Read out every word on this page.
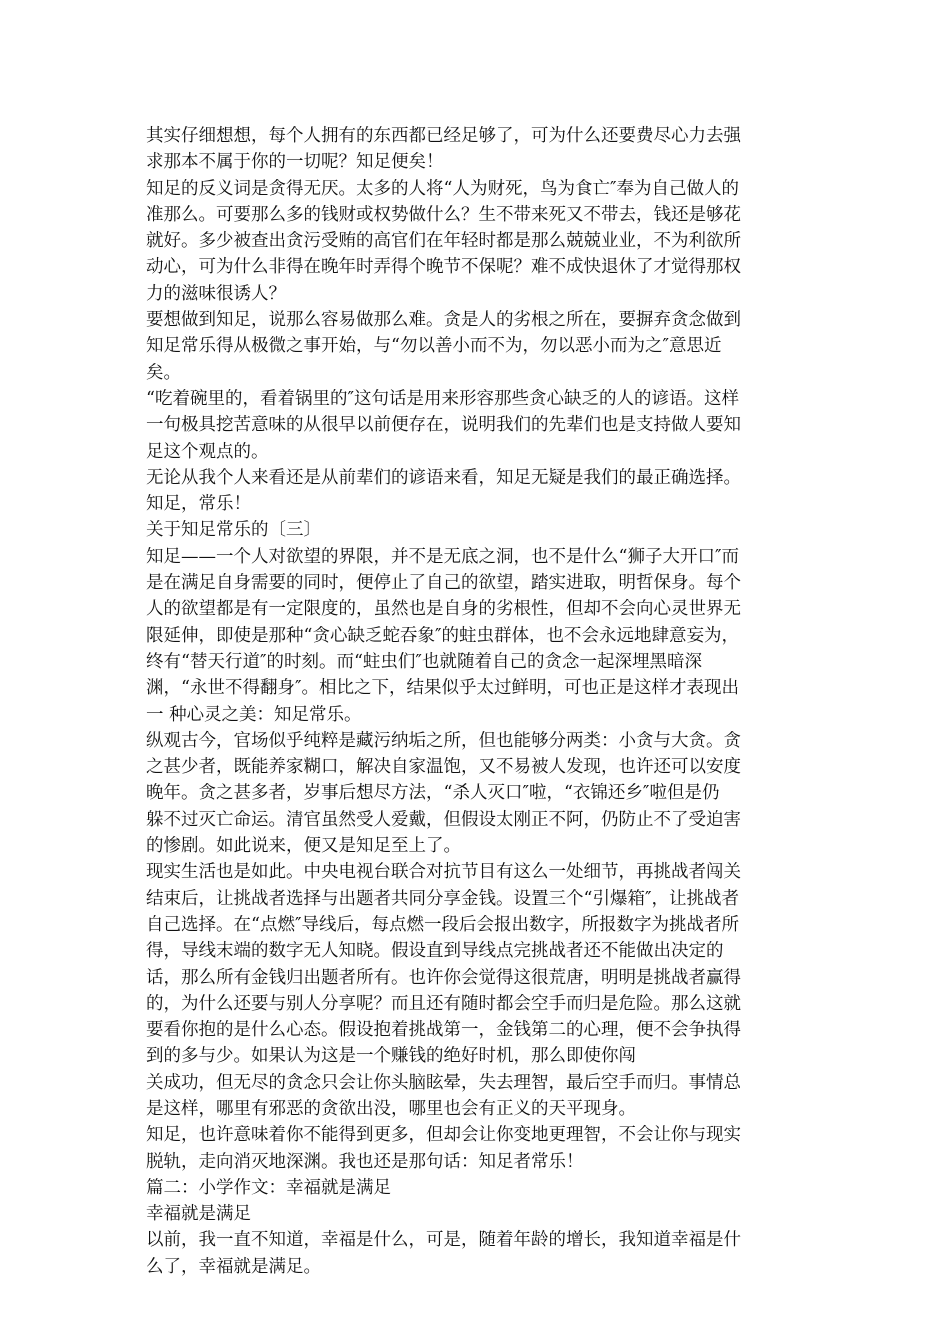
其实仔细想想，每个人拥有的东西都已经足够了，可为什么还要费尽心力去强
求那本不属于你的一切呢？知足便矣！
知足的反义词是贪得无厌。太多的人将“人为财死，鸟为食亡″奉为自己做人的
准那么。可要那么多的钱财或权势做什么？生不带来死又不带去，钱还是够花
就好。多少被查出贪污受贿的高官们在年轻时都是那么兢兢业业，不为利欲所
动心，可为什么非得在晚年时弄得个晚节不保呢？难不成快退休了才觉得那权
力的滋味很诱人？
要想做到知足，说那么容易做那么难。贪是人的劣根之所在，要摒弃贪念做到
知足常乐得从极微之事开始，与“勿以善小而不为，勿以恶小而为之″意思近
矣。
“吃着碗里的，看着锅里的″这句话是用来形容那些贪心缺乏的人的谚语。这样
一句极具挖苦意味的从很早以前便存在，说明我们的先辈们也是支持做人要知
足这个观点的。
无论从我个人来看还是从前辈们的谚语来看，知足无疑是我们的最正确选择。
知足，常乐！
关于知足常乐的〔三〕
知足——一个人对欲望的界限，并不是无底之洞，也不是什么“狮子大开口″而
是在满足自身需要的同时，便停止了自己的欲望，踏实进取，明哲保身。每个
人的欲望都是有一定限度的，虽然也是自身的劣根性，但却不会向心灵世界无
限延伸，即使是那种“贪心缺乏蛇吞象″的蛀虫群体，也不会永远地肆意妄为，
终有“替天行道″的时刻。而“蛀虫们″也就随着自己的贪念一起深埋黑暗深
渊，“永世不得翻身″。相比之下，结果似乎太过鲜明，可也正是这样才表现出
一 种心灵之美：知足常乐。
纵观古今，官场似乎纯粹是藏污纳垢之所，但也能够分两类：小贪与大贪。贪
之甚少者，既能养家糊口，解决自家温饱，又不易被人发现，也许还可以安度
晚年。贪之甚多者，岁事后想尽方法，“杀人灭口″啦，“衣锦还乡″啦但是仍
躲不过灭亡命运。清官虽然受人爱戴，但假设太刚正不阿，仍防止不了受迫害
的惨剧。如此说来，便又是知足至上了。
现实生活也是如此。中央电视台联合对抗节目有这么一处细节，再挑战者闯关
结束后，让挑战者选择与出题者共同分享金钱。设置三个“引爆箱″，让挑战者
自己选择。在“点燃″导线后，每点燃一段后会报出数字，所报数字为挑战者所
得，导线末端的数字无人知晓。假设直到导线点完挑战者还不能做出决定的
话，那么所有金钱归出题者所有。也许你会觉得这很荒唐，明明是挑战者赢得
的，为什么还要与别人分享呢？而且还有随时都会空手而归是危险。那么这就
要看你抱的是什么心态。假设抱着挑战第一，金钱第二的心理，便不会争执得
到的多与少。如果认为这是一个赚钱的绝好时机，那么即使你闯
关成功，但无尽的贪念只会让你头脑眩晕，失去理智，最后空手而归。事情总
是这样，哪里有邪恶的贪欲出没，哪里也会有正义的天平现身。
知足，也许意味着你不能得到更多，但却会让你变地更理智，不会让你与现实
脱轨，走向消灭地深渊。我也还是那句话：知足者常乐！
篇二：小学作文：幸福就是满足
幸福就是满足
以前，我一直不知道，幸福是什么，可是，随着年龄的增长，我知道幸福是什
么了，幸福就是满足。
